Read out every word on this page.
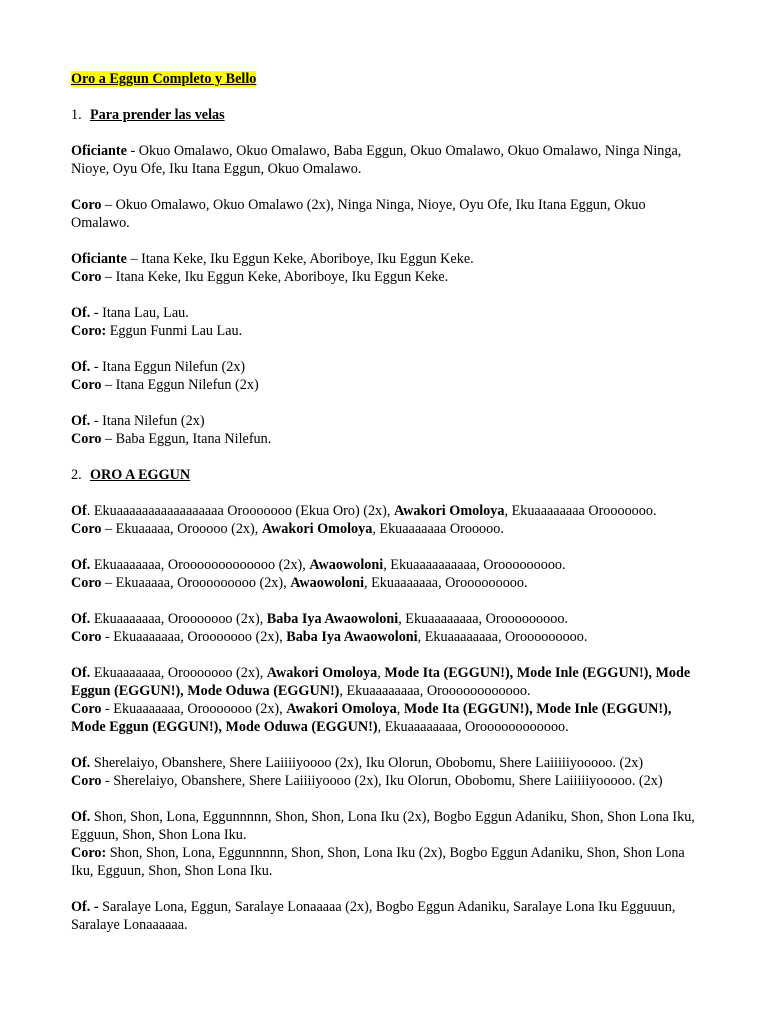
Oro a Eggun Completo y Bello

1. Para prender las velas
Oficiante - Okuo Omalawo, Okuo Omalawo, Baba Eggun, Okuo Omalawo, Okuo Omalawo, Ninga Ninga, Nioye, Oyu Ofe, Iku Itana Eggun, Okuo Omalawo.
Coro – Okuo Omalawo, Okuo Omalawo (2x), Ninga Ninga, Nioye, Oyu Ofe, Iku Itana Eggun, Okuo Omalawo.
Oficiante – Itana Keke, Iku Eggun Keke, Aboriboye, Iku Eggun Keke.
Coro – Itana Keke, Iku Eggun Keke, Aboriboye, Iku Eggun Keke.
Of. - Itana Lau, Lau.
Coro: Eggun Funmi Lau Lau.
Of. - Itana Eggun Nilefun (2x)
Coro – Itana Eggun Nilefun (2x)
Of. - Itana Nilefun (2x)
Coro – Baba Eggun, Itana Nilefun.
2. ORO A EGGUN
Of. Ekuaaaaaaaaaaaaaaaaa Orooooooo (Ekua Oro) (2x), Awakori Omoloya, Ekuaaaaaaaa Orooooooo.
Coro – Ekuaaaaa, Orooooo (2x), Awakori Omoloya, Ekuaaaaaaa Orooooo.
Of. Ekuaaaaaaa, Orooooooooooooo (2x), Awaowoloni, Ekuaaaaaaaaaa, Orooooooooo.
Coro – Ekuaaaaa, Orooooooooo (2x), Awaowoloni, Ekuaaaaaaa, Orooooooooo.
Of. Ekuaaaaaaa, Orooooooo (2x), Baba Iya Awaowoloni, Ekuaaaaaaaa, Orooooooooo.
Coro - Ekuaaaaaaa, Orooooooo (2x), Baba Iya Awaowoloni, Ekuaaaaaaaa, Orooooooooo.
Of. Ekuaaaaaaa, Orooooooo (2x), Awakori Omoloya, Mode Ita (EGGUN!), Mode Inle (EGGUN!), Mode Eggun (EGGUN!), Mode Oduwa (EGGUN!), Ekuaaaaaaaa, Oroooooooooooo.
Coro - Ekuaaaaaaa, Orooooooo (2x), Awakori Omoloya, Mode Ita (EGGUN!), Mode Inle (EGGUN!), Mode Eggun (EGGUN!), Mode Oduwa (EGGUN!), Ekuaaaaaaaa, Oroooooooooooo.
Of. Sherelaiyo, Obanshere, Shere Laiiiiyoooo (2x), Iku Olorun, Obobomu, Shere Laiiiiiyooooo. (2x)
Coro - Sherelaiyo, Obanshere, Shere Laiiiiyoooo (2x), Iku Olorun, Obobomu, Shere Laiiiiiyooooo. (2x)
Of. Shon, Shon, Lona, Eggunnnnn, Shon, Shon, Lona Iku (2x), Bogbo Eggun Adaniku, Shon, Shon Lona Iku, Egguun, Shon, Shon Lona Iku.
Coro: Shon, Shon, Lona, Eggunnnnn, Shon, Shon, Lona Iku (2x), Bogbo Eggun Adaniku, Shon, Shon Lona Iku, Egguun, Shon, Shon Lona Iku.
Of. - Saralaye Lona, Eggun, Saralaye Lonaaaaa (2x), Bogbo Eggun Adaniku, Saralaye Lona Iku Egguuun, Saralaye Lonaaaaaa.
